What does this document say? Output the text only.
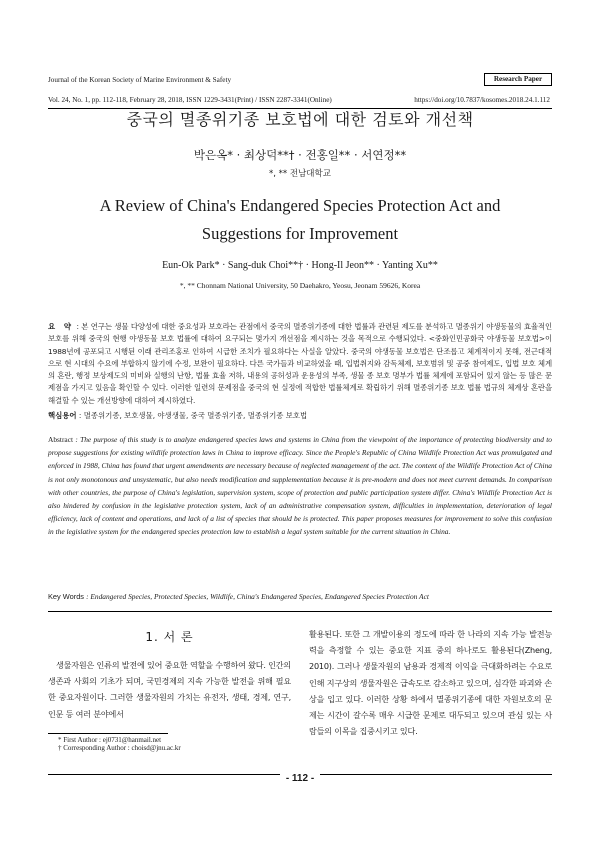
Journal of the Korean Society of Marine Environment & Safety
Vol. 24, No. 1, pp. 112-118, February 28, 2018, ISSN 1229-3431(Print) / ISSN 2287-3341(Online)
Research Paper
https://doi.org/10.7837/kosomes.2018.24.1.112
중국의 멸종위기종 보호법에 대한 검토와 개선책
박은옥* · 최상덕**† · 전홍일** · 서연정**
*, ** 전남대학교
A Review of China's Endangered Species Protection Act and
Suggestions for Improvement
Eun-Ok Park* · Sang-duk Choi**† · Hong-Il Jeon** · Yanting Xu**
*, ** Chonnam National University, 50 Daehakro, Yeosu, Jeonam 59626, Korea
요 약 : 본 연구는 생물 다양성에 대한 중요성과 보호라는 관점에서 중국의 멸종위기종에 대한 법률과 관련된 제도를 분석하고 멸종위기 야생동물의 효율적인 보호를 위해 중국의 현행 야생동물 보호 법률에 대하여 요구되는 몇가지 개선점을 제시하는 것을 목적으로 수행되었다. <중화인민공화국 야생동물 보호법>이 1988년에 공포되고 시행된 이래 관리조홍로 인하여 시급한 조치가 필요하다는 사실을 알았다. 중국의 야생동물 보호법은 단조롭고 체계적이지 못해, 전근대적으로 현 시대의 수요에 부합하지 않기에 수정, 보완이 필요하다. 다른 국가들과 비교하였을 때, 입법취지와 감독체제, 보호범위 및 공중 참여제도, 입법 보호 체계의 혼란, 행정 보상제도의 미비와 실행의 난항, 법률 효율 저하, 내용의 공허성과 운용성의 부족, 생물 종 보호 명부가 법률 체계에 포함되어 있지 않는 등 많은 문제점을 가지고 있음을 확인할 수 있다. 이러한 일련의 문제점을 중국의 현 실정에 적합한 법률체계로 확립하기 위해 멸종위기종 보호 법률 법규의 체계상 혼란을 해결할 수 있는 개선방향에 대하여 제시하였다.
핵심용어 : 멸종위기종, 보호생물, 야생생물, 중국 멸종위기종, 멸종위기종 보호법
Abstract : The purpose of this study is to analyze endangered species laws and systems in China from the viewpoint of the importance of protecting biodiversity and to propose suggestions for existing wildlife protection laws in China to improve efficacy. Since the People's Republic of China Wildlife Protection Act was promulgated and enforced in 1988, China has found that urgent amendments are necessary because of neglected management of the act. The content of the Wildlife Protection Act of China is not only monotonous and unsystematic, but also needs modification and supplementation because it is pre-modern and does not meet current demands. In comparison with other countries, the purpose of China's legislation, supervision system, scope of protection and public participation system differ. China's Wildlife Protection Act is also hindered by confusion in the legislative protection system, lack of an administrative compensation system, difficulties in implementation, deterioration of legal efficiency, lack of content and operations, and lack of a list of species that should be is protected. This paper proposes measures for improvement to solve this confusion in the legislative system for the endangered species protection law to establish a legal system suitable for the current situation in China.
Key Words : Endangered Species, Protected Species, Wildlife, China's Endangered Species, Endangered Species Protection Act
1. 서 론
생물자원은 인류의 발전에 있어 중요한 역할을 수행하여 왔다. 인간의 생존과 사회의 기초가 되며, 국민경제의 지속 가능한 발전을 위해 필요한 중요자원이다. 그러한 생물자원의 가치는 유전자, 생태, 경제, 연구, 인문 등 여러 분야에서
활용된다. 또한 그 개발이용의 정도에 따라 한 나라의 지속 가능 발전능력을 측정할 수 있는 중요한 지표 중의 하나로도 활용된다(Zheng, 2010). 그러나 생물자원의 남용과 경제적 이익을 극대화하려는 수요로 인해 지구상의 생물자원은 급속도로 감소하고 있으며, 심각한 파괴와 손상을 입고 있다. 이러한 상황 하에서 멸종위기종에 대한 자원보호의 문제는 시간이 갈수록 매우 시급한 문제로 대두되고 있으며 관심 있는 사람들의 이목을 집중시키고 있다.
* First Author : ej0731@hanmail.net
† Corresponding Author : choisd@jnu.ac.kr
- 112 -
